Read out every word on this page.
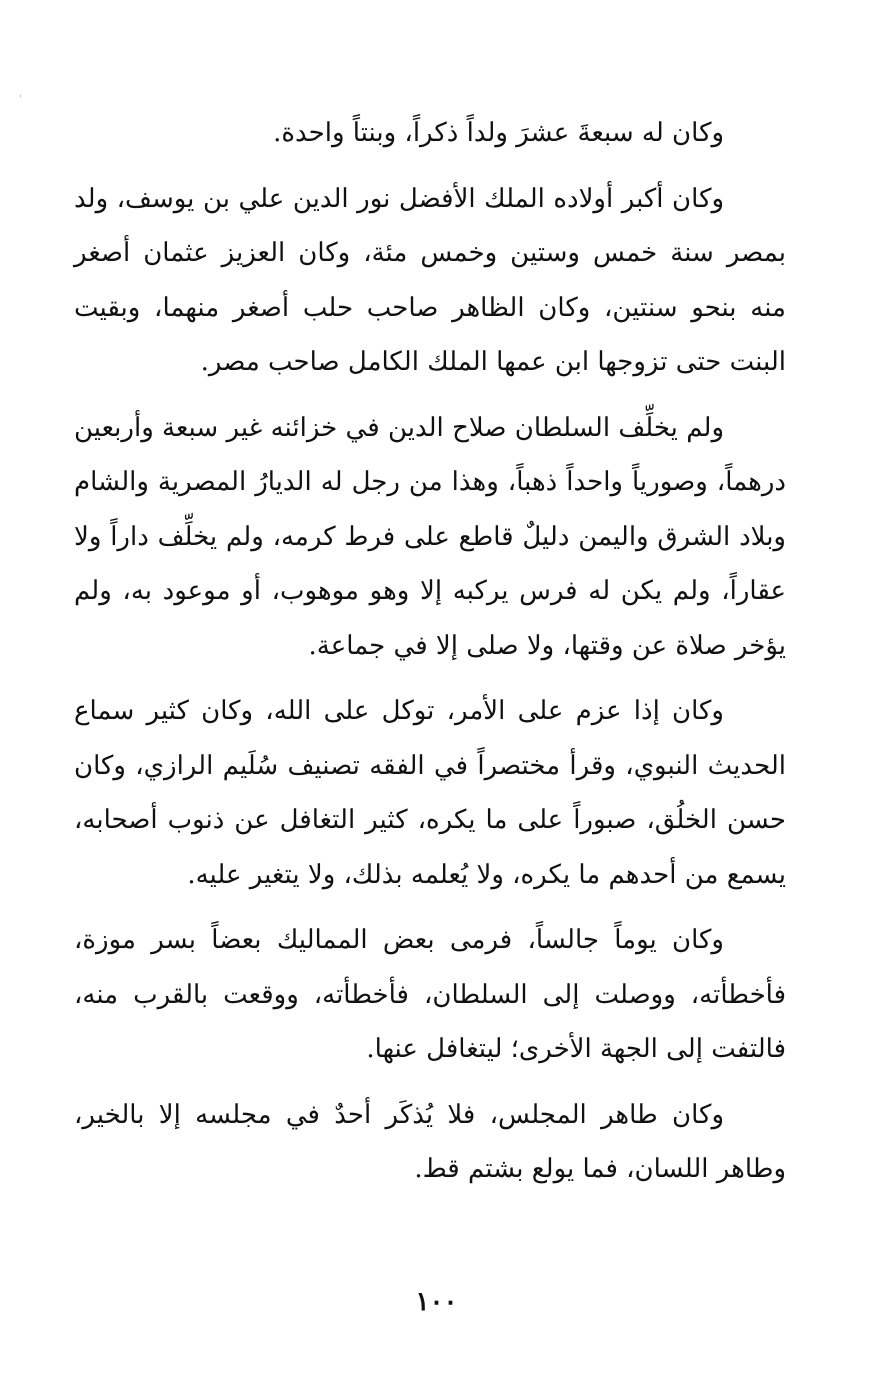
وكان له سبعةَ عشرَ ولداً ذكراً، وبنتاً واحدة.

وكان أكبر أولاده الملك الأفضل نور الدين علي بن يوسف، ولد بمصر سنة خمس وستين وخمس مئة، وكان العزيز عثمان أصغر منه بنحو سنتين، وكان الظاهر صاحب حلب أصغر منهما، وبقيت البنت حتى تزوجها ابن عمها الملك الكامل صاحب مصر.

ولم يخلِّف السلطان صلاح الدين في خزائنه غير سبعة وأربعين درهماً، وصورياً واحداً ذهباً، وهذا من رجل له الديارُ المصرية والشام وبلاد الشرق واليمن دليلٌ قاطع على فرط كرمه، ولم يخلِّف داراً ولا عقاراً، ولم يكن له فرس يركبه إلا وهو موهوب، أو موعود به، ولم يؤخر صلاة عن وقتها، ولا صلى إلا في جماعة.

وكان إذا عزم على الأمر، توكل على الله، وكان كثير سماع الحديث النبوي، وقرأ مختصراً في الفقه تصنيف سُلَيم الرازي، وكان حسن الخلُق، صبوراً على ما يكره، كثير التغافل عن ذنوب أصحابه، يسمع من أحدهم ما يكره، ولا يُعلمه بذلك، ولا يتغير عليه.

وكان يوماً جالساً، فرمى بعض المماليك بعضاً بسر موزة، فأخطأته، ووصلت إلى السلطان، فأخطأته، ووقعت بالقرب منه، فالتفت إلى الجهة الأخرى؛ ليتغافل عنها.

وكان طاهر المجلس، فلا يُذكَر أحدٌ في مجلسه إلا بالخير، وطاهر اللسان، فما يولع بشتم قط.

١٠٠
